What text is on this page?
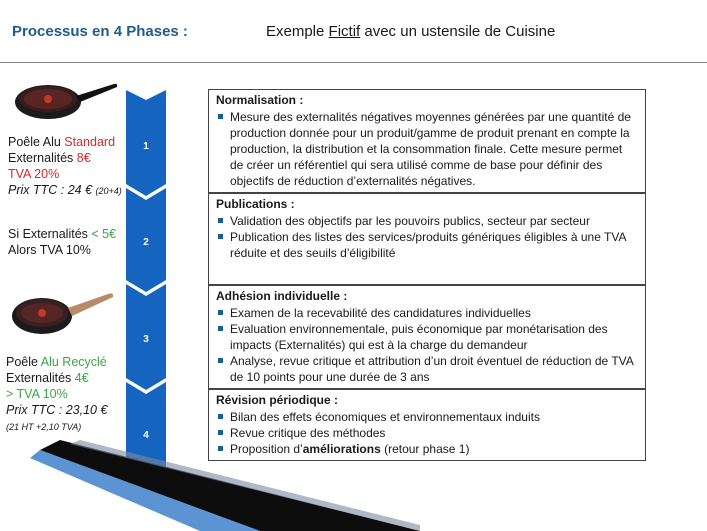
Processus en 4 Phases :	Exemple Fictif avec un ustensile de Cuisine
Poêle Alu Standard
Externalités 8€
TVA 20%
Prix TTC : 24 € (20+4)
Si Externalités < 5€
Alors TVA 10%
Poêle Alu Recyclé
Externalités 4€
> TVA 10%
Prix TTC : 23,10 €
(21 HT +2,10 TVA)
1
2
3
4
Normalisation :
Mesure des externalités négatives moyennes générées par une quantité de production donnée pour un produit/gamme de produit prenant en compte la production, la distribution et la consommation finale. Cette mesure permet de créer un référentiel qui sera utilisé comme de base pour définir des objectifs de réduction d’externalités négatives.
Publications :
Validation des objectifs par les pouvoirs publics, secteur par secteur
Publication des listes des services/produits génériques éligibles à une TVA réduite et des seuils d’éligibilité
Adhésion individuelle :
Examen de la recevabilité des candidatures individuelles
Evaluation environnementale, puis économique par monétarisation des impacts (Externalités) qui est à la charge du demandeur
Analyse, revue critique et attribution d’un droit éventuel de réduction de TVA de 10 points pour une durée de 3 ans
Révision périodique :
Bilan des effets économiques et environnementaux induits
Revue critique des méthodes
Proposition d’améliorations (retour phase 1)
